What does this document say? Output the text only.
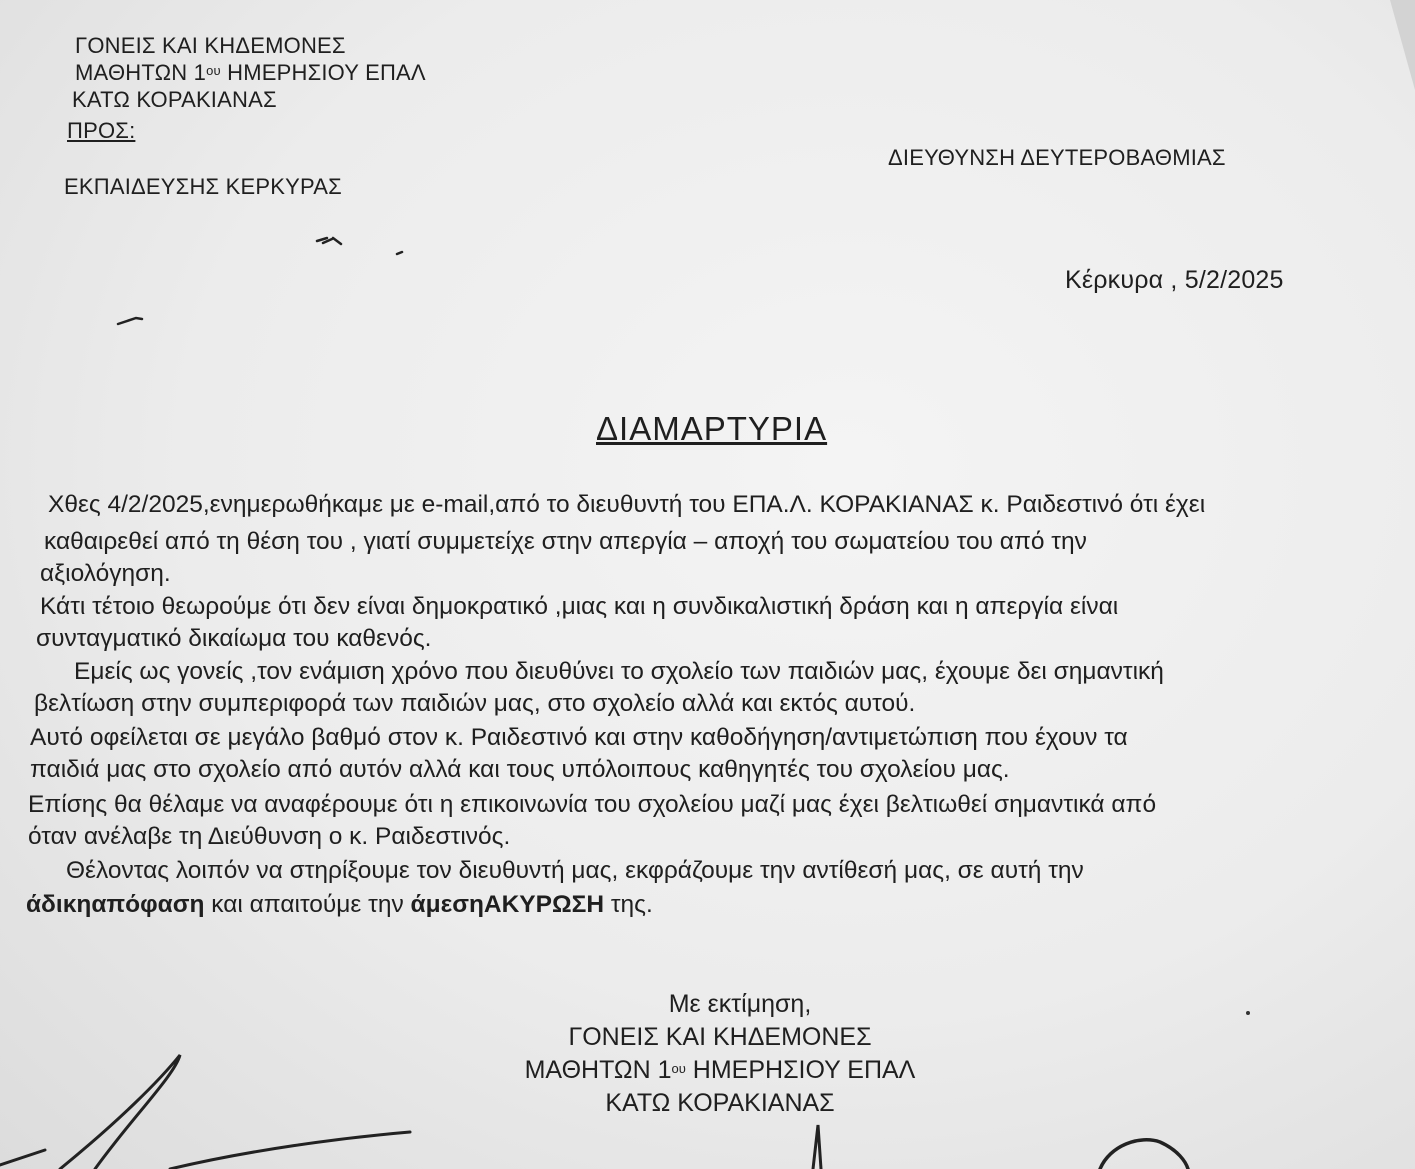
ΓΟΝΕΙΣ ΚΑΙ ΚΗΔΕΜΟΝΕΣ
ΜΑΘΗΤΩΝ $1^{o\upsilon}$ ΗΜΕΡΗΣΙΟΥ ΕΠΑΛ
ΚΑΤΩ ΚΟΡΑΚΙΑΝΑΣ
ΠΡΟΣ:
ΔΙΕΥΘΥΝΣΗ ΔΕΥΤΕΡΟΒΑΘΜΙΑΣ
ΕΚΠΑΙΔΕΥΣΗΣ ΚΕΡΚΥΡΑΣ
Κέρκυρα , 5/2/2025
ΔΙΑΜΑΡΤΥΡΙΑ
Χθες 4/2/2025,ενημερωθήκαμε με e-mail,από το διευθυντή του ΕΠΑ.Λ. ΚΟΡΑΚΙΑΝΑΣ κ. Ραιδεστινό ότι έχει
καθαιρεθεί από τη θέση του , γιατί συμμετείχε στην απεργία – αποχή του σωματείου του από την
αξιολόγηση.
Κάτι τέτοιο θεωρούμε ότι δεν είναι δημοκρατικό ,μιας και η συνδικαλιστική δράση και η απεργία είναι
συνταγματικό δικαίωμα του καθενός.
Εμείς ως γονείς ,τον ενάμιση χρόνο που διευθύνει το σχολείο των παιδιών μας, έχουμε δει σημαντική
βελτίωση στην συμπεριφορά των παιδιών μας, στο σχολείο αλλά και εκτός αυτού.
Αυτό οφείλεται σε μεγάλο βαθμό στον κ. Ραιδεστινό και στην καθοδήγηση/αντιμετώπιση που έχουν τα
παιδιά μας στο σχολείο από αυτόν αλλά και τους υπόλοιπους καθηγητές του σχολείου μας.
Επίσης θα θέλαμε να αναφέρουμε ότι η επικοινωνία του σχολείου μαζί μας έχει βελτιωθεί σημαντικά από
όταν ανέλαβε τη Διεύθυνση ο κ. Ραιδεστινός.
Θέλοντας λοιπόν να στηρίξουμε τον διευθυντή μας, εκφράζουμε την αντίθεσή μας, σε αυτή την
άδικηαπόφαση και απαιτούμε την άμεσηΑΚΥΡΩΣΗ της.
Με εκτίμηση,
ΓΟΝΕΙΣ ΚΑΙ ΚΗΔΕΜΟΝΕΣ
ΜΑΘΗΤΩΝ $1^{o\upsilon}$ ΗΜΕΡΗΣΙΟΥ ΕΠΑΛ
ΚΑΤΩ ΚΟΡΑΚΙΑΝΑΣ
